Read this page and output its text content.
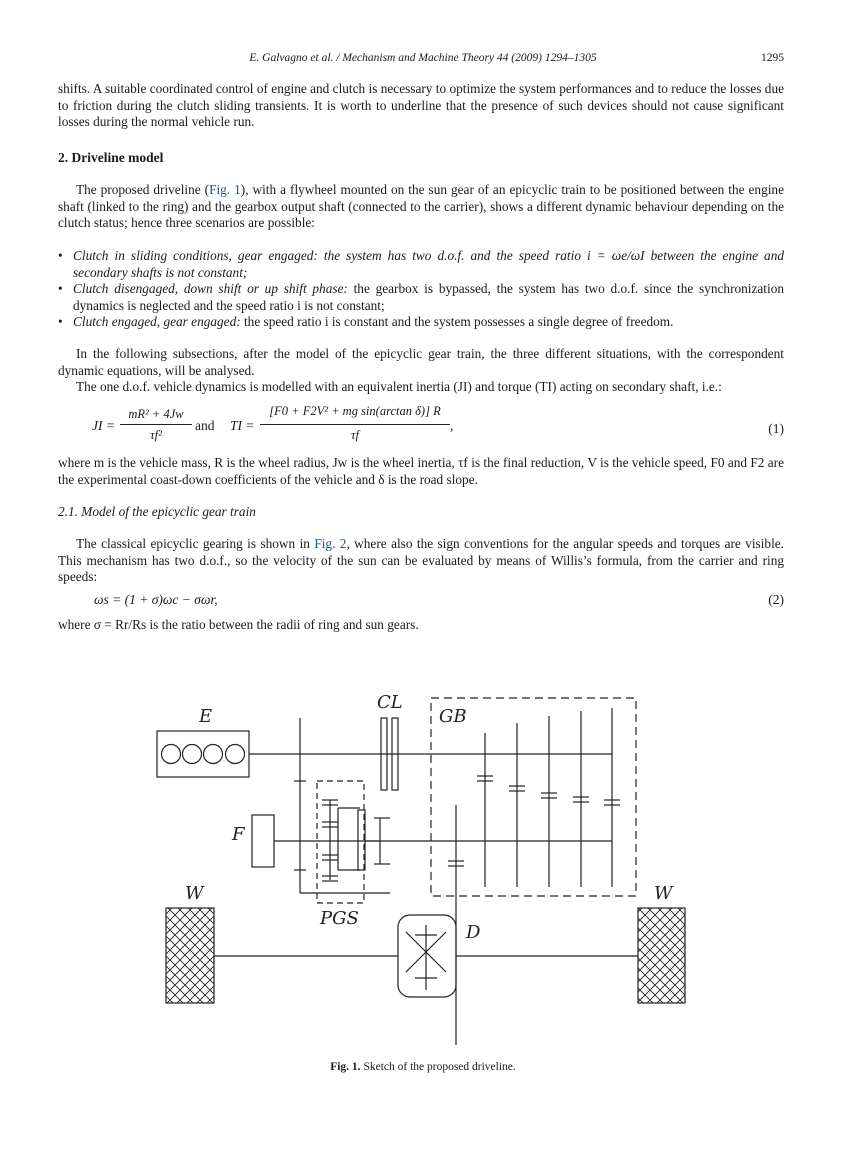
E. Galvagno et al. / Mechanism and Machine Theory 44 (2009) 1294–1305	1295

shifts. A suitable coordinated control of engine and clutch is necessary to optimize the system performances and to reduce the losses due to friction during the clutch sliding transients. It is worth to underline that the presence of such devices should not cause significant losses during the normal vehicle run.

2. Driveline model

The proposed driveline (Fig. 1), with a flywheel mounted on the sun gear of an epicyclic train to be positioned between the engine shaft (linked to the ring) and the gearbox output shaft (connected to the carrier), shows a different dynamic behaviour depending on the clutch status; hence three scenarios are possible:

• Clutch in sliding conditions, gear engaged: the system has two d.o.f. and the speed ratio i = ωe/ωI between the engine and secondary shafts is not constant;
• Clutch disengaged, down shift or up shift phase: the gearbox is bypassed, the system has two d.o.f. since the synchronization dynamics is neglected and the speed ratio i is not constant;
• Clutch engaged, gear engaged: the speed ratio i is constant and the system possesses a single degree of freedom.

In the following subsections, after the model of the epicyclic gear train, the three different situations, with the correspondent dynamic equations, will be analysed.

The one d.o.f. vehicle dynamics is modelled with an equivalent inertia (JI) and torque (TI) acting on secondary shaft, i.e.:

JI =
mR² + 4Jw
τf²
and TI =
[F0 + F2V² + mg sin(arctan δ)] R
τf
,	(1)

where m is the vehicle mass, R is the wheel radius, Jw is the wheel inertia, τf is the final reduction, V is the vehicle speed, F0 and F2 are the experimental coast-down coefficients of the vehicle and δ is the road slope.

2.1. Model of the epicyclic gear train

The classical epicyclic gearing is shown in Fig. 2, where also the sign conventions for the angular speeds and torques are visible. This mechanism has two d.o.f., so the velocity of the sun can be evaluated by means of Willis’s formula, from the carrier and ring speeds:

ωs = (1 + σ)ωc − σωr,	(2)

where σ = Rr/Rs is the ratio between the radii of ring and sun gears.

E
CL
GB
F
W	W
PGS
D
Fig. 1. Sketch of the proposed driveline.
